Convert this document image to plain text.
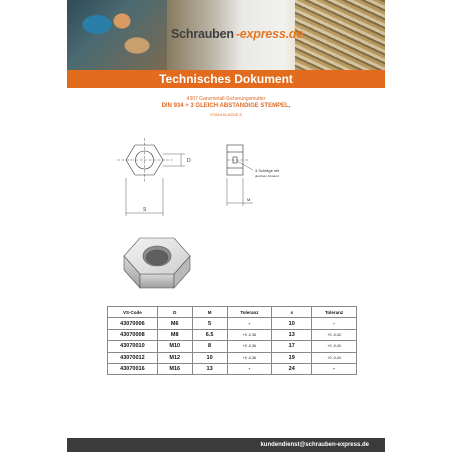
Schrauben -express.de
Technisches Dokument
4307 Ganzmetall-Sicherungsmutter
DIN 934 + 3 GLEICH ABSTANDIGE STEMPEL,
STAHLKLASSE 8
D
S
M
3 Schläge mit
gleichem Abstand
VS-Code	D	M	Toleranz	s	Toleranz
43070006	M6	5	-	10	-
43070008	M8	6.5	+0 -0,36	13	+0 -0,43
43070010	M10	8	+0 -0,36	17	+0 -0,43
43070012	M12	10	+0 -0,36	19	+0 -0,44
43070016	M16	13	-	24	-
kundendienst@schrauben-express.de
